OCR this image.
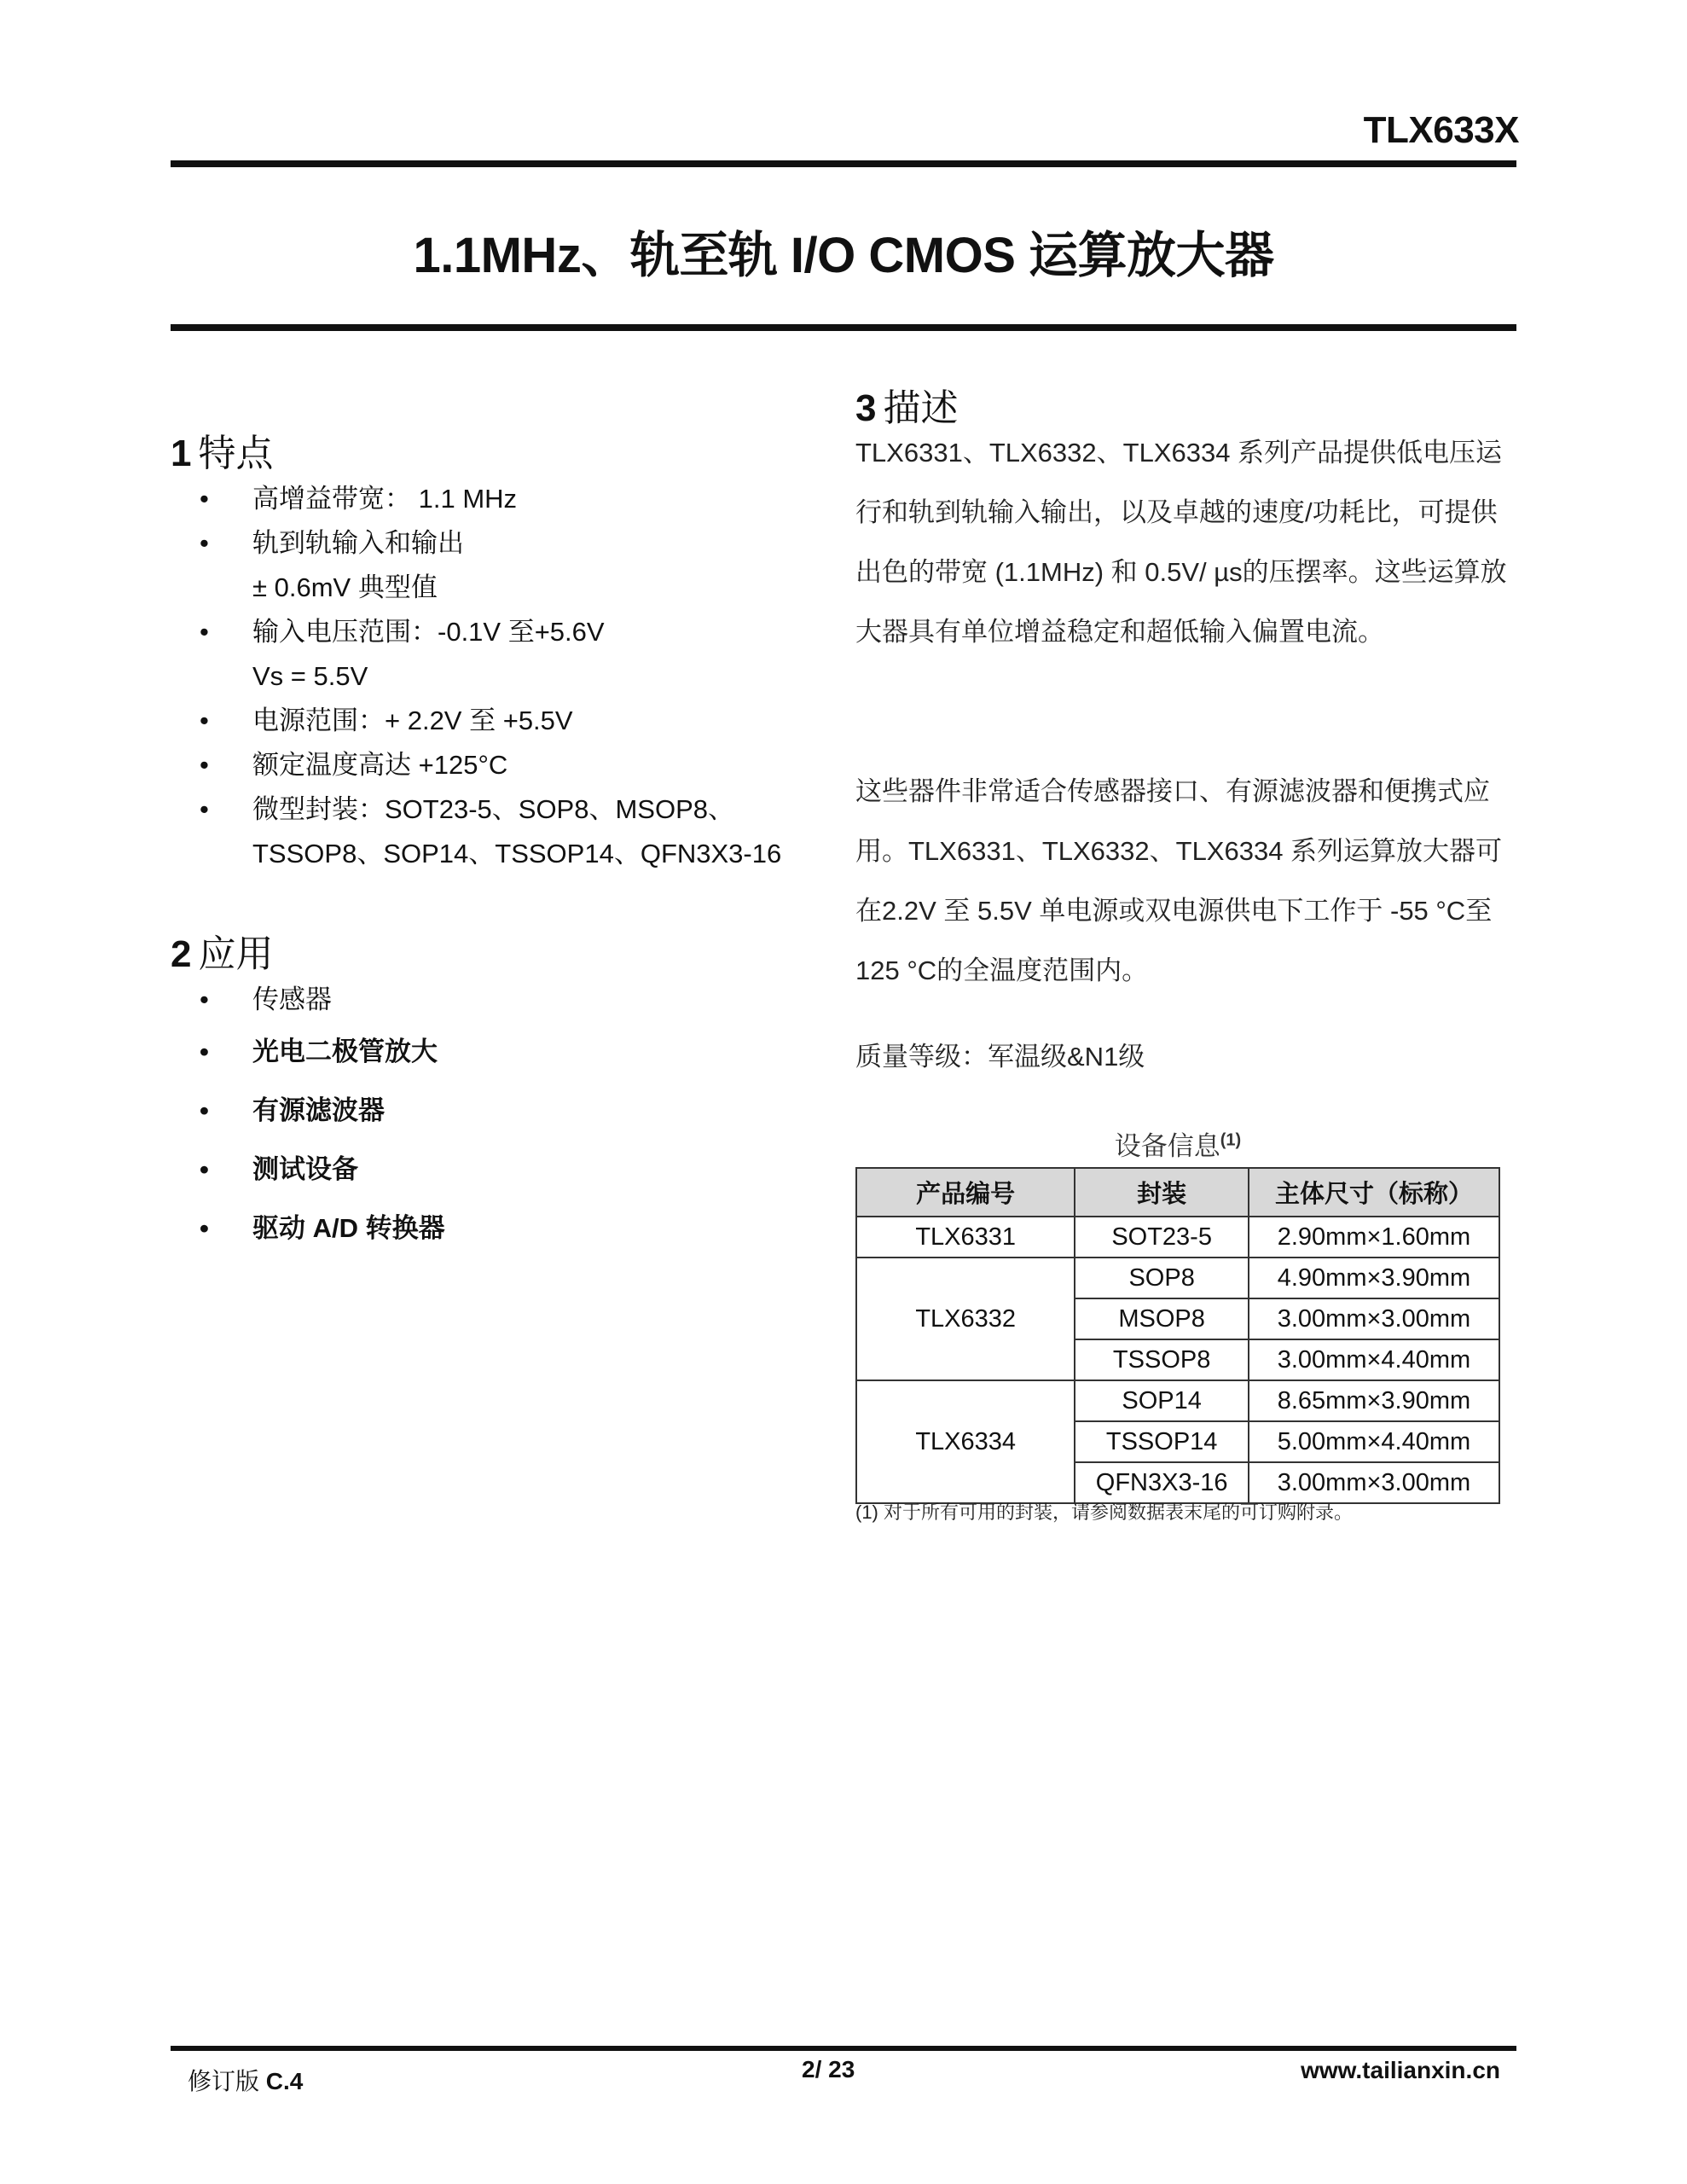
TLX633X
1.1MHz、轨至轨 I/O CMOS 运算放大器
1 特点
• 高增益带宽： 1.1 MHz
• 轨到轨输入和输出
± 0.6mV 典型值
• 输入电压范围：-0.1V 至+5.6V
Vs = 5.5V
• 电源范围：+ 2.2V 至 +5.5V
• 额定温度高达 +125°C
• 微型封装：SOT23-5、SOP8、MSOP8、
TSSOP8、SOP14、TSSOP14、QFN3X3-16
2 应用
• 传感器
• 光电二极管放大
• 有源滤波器
• 测试设备
• 驱动 A/D 转换器
3 描述
TLX6331、TLX6332、TLX6334 系列产品提供低电压运行和轨到轨输入输出，以及卓越的速度/功耗比，可提供出色的带宽 (1.1MHz) 和 0.5V/ µs的压摆率。这些运算放大器具有单位增益稳定和超低输入偏置电流。
这些器件非常适合传感器接口、有源滤波器和便携式应用。TLX6331、TLX6332、TLX6334 系列运算放大器可在2.2V 至 5.5V 单电源或双电源供电下工作于 -55 °C至 125 °C的全温度范围内。
质量等级：军温级&N1级
设备信息$^{(1)}$
产品编号	封装	主体尺寸（标称）
TLX6331	SOT23-5	2.90mm×1.60mm
TLX6332	SOP8	4.90mm×3.90mm
	MSOP8	3.00mm×3.00mm
	TSSOP8	3.00mm×4.40mm
TLX6334	SOP14	8.65mm×3.90mm
	TSSOP14	5.00mm×4.40mm
	QFN3X3-16	3.00mm×3.00mm
(1) 对于所有可用的封装，请参阅数据表末尾的可订购附录。
修订版 C.4	2/ 23	www.tailianxin.cn
